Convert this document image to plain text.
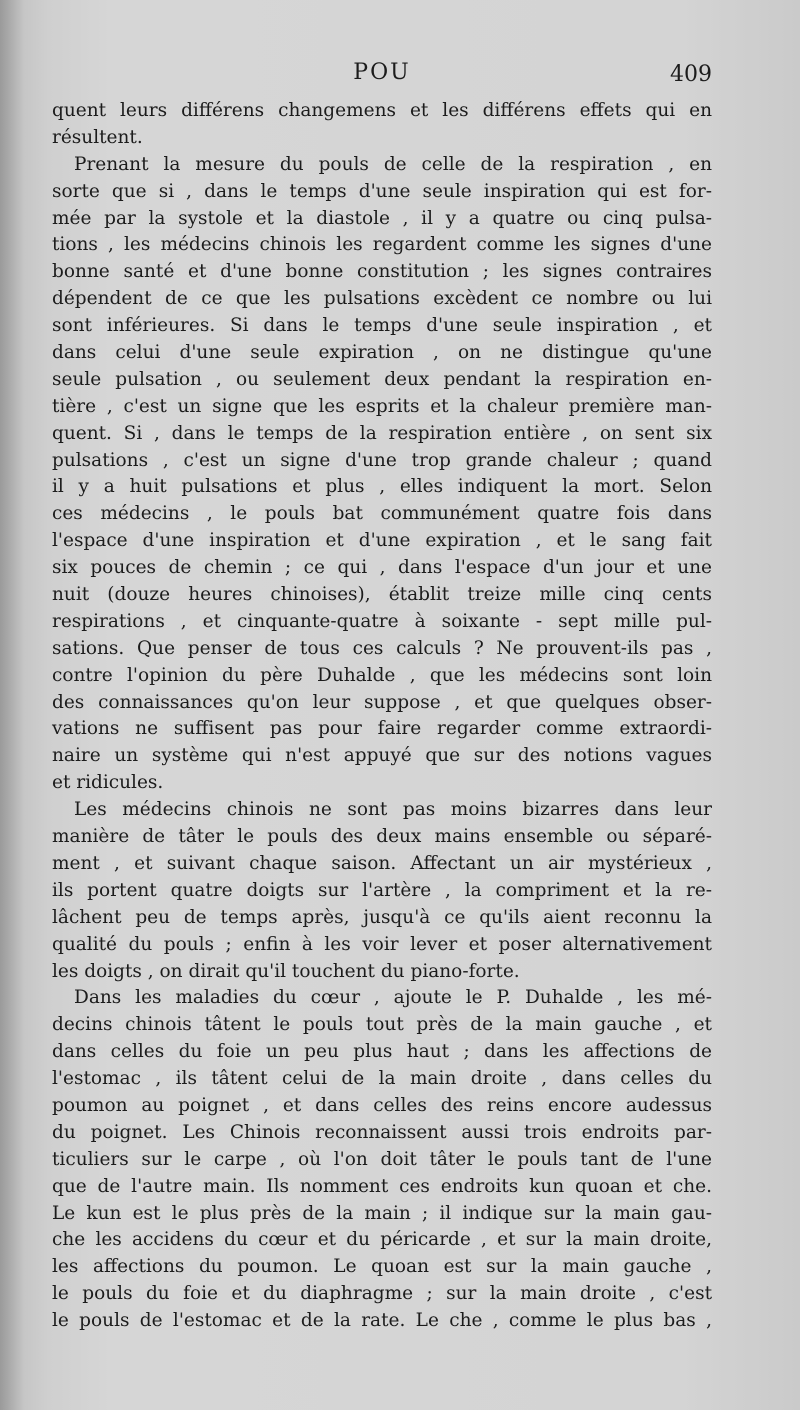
POU	409
quent leurs différens changemens et les différens effets qui en
résultent.
Prenant la mesure du pouls de celle de la respiration , en
sorte que si , dans le temps d'une seule inspiration qui est for-
mée par la systole et la diastole , il y a quatre ou cinq pulsa-
tions , les médecins chinois les regardent comme les signes d'une
bonne santé et d'une bonne constitution ; les signes contraires
dépendent de ce que les pulsations excèdent ce nombre ou lui
sont inférieures. Si dans le temps d'une seule inspiration , et
dans celui d'une seule expiration , on ne distingue qu'une
seule pulsation , ou seulement deux pendant la respiration en-
tière , c'est un signe que les esprits et la chaleur première man-
quent. Si , dans le temps de la respiration entière , on sent six
pulsations , c'est un signe d'une trop grande chaleur ; quand
il y a huit pulsations et plus , elles indiquent la mort. Selon
ces médecins , le pouls bat communément quatre fois dans
l'espace d'une inspiration et d'une expiration , et le sang fait
six pouces de chemin ; ce qui , dans l'espace d'un jour et une
nuit (douze heures chinoises), établit treize mille cinq cents
respirations , et cinquante-quatre à soixante - sept mille pul-
sations. Que penser de tous ces calculs ? Ne prouvent-ils pas ,
contre l'opinion du père Duhalde , que les médecins sont loin
des connaissances qu'on leur suppose , et que quelques obser-
vations ne suffisent pas pour faire regarder comme extraordi-
naire un système qui n'est appuyé que sur des notions vagues
et ridicules.
Les médecins chinois ne sont pas moins bizarres dans leur
manière de tâter le pouls des deux mains ensemble ou séparé-
ment , et suivant chaque saison. Affectant un air mystérieux ,
ils portent quatre doigts sur l'artère , la compriment et la re-
lâchent peu de temps après, jusqu'à ce qu'ils aient reconnu la
qualité du pouls ; enfin à les voir lever et poser alternativement
les doigts , on dirait qu'il touchent du piano-forte.
Dans les maladies du cœur , ajoute le P. Duhalde , les mé-
decins chinois tâtent le pouls tout près de la main gauche , et
dans celles du foie un peu plus haut ; dans les affections de
l'estomac , ils tâtent celui de la main droite , dans celles du
poumon au poignet , et dans celles des reins encore audessus
du poignet. Les Chinois reconnaissent aussi trois endroits par-
ticuliers sur le carpe , où l'on doit tâter le pouls tant de l'une
que de l'autre main. Ils nomment ces endroits kun quoan et che.
Le kun est le plus près de la main ; il indique sur la main gau-
che les accidens du cœur et du péricarde , et sur la main droite,
les affections du poumon. Le quoan est sur la main gauche ,
le pouls du foie et du diaphragme ; sur la main droite , c'est
le pouls de l'estomac et de la rate. Le che , comme le plus bas ,
